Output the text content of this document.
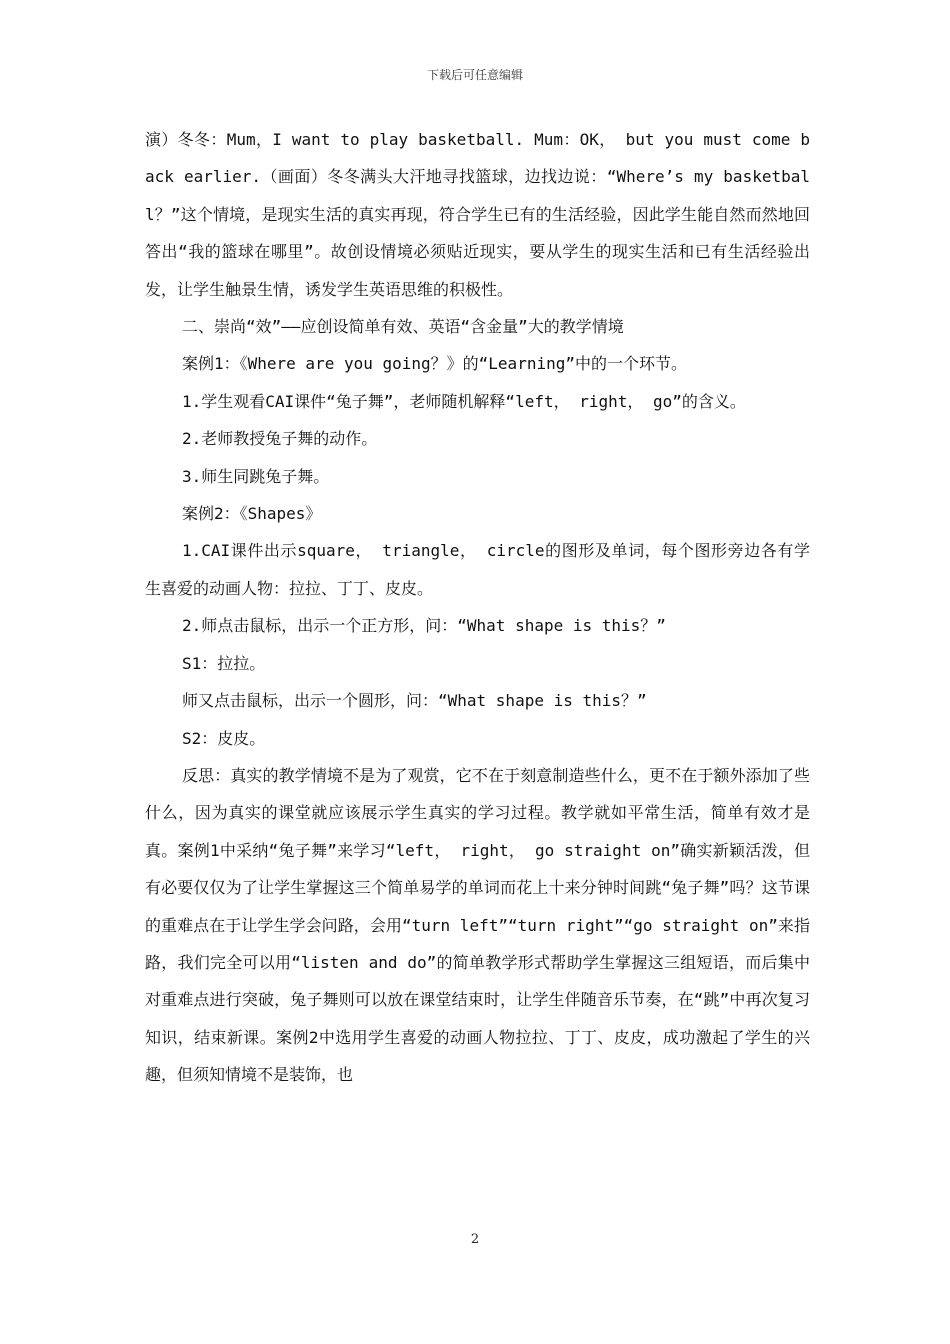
下载后可任意编辑

演）冬冬：Mum，I want to play basketball. Mum：OK， but you must come back earlier.（画面）冬冬满头大汗地寻找篮球，边找边说：“Where’s my basketball？”这个情境，是现实生活的真实再现，符合学生已有的生活经验，因此学生能自然而然地回答出“我的篮球在哪里”。故创设情境必须贴近现实，要从学生的现实生活和已有生活经验出发，让学生触景生情，诱发学生英语思维的积极性。

二、崇尚“效”——应创设简单有效、英语“含金量”大的教学情境

案例1：《Where are you going？》的“Learning”中的一个环节。

1.学生观看CAI课件“兔子舞”，老师随机解释“left， right， go”的含义。

2.老师教授兔子舞的动作。

3.师生同跳兔子舞。

案例2：《Shapes》

1.CAI课件出示square， triangle， circle的图形及单词，每个图形旁边各有学生喜爱的动画人物：拉拉、丁丁、皮皮。

2.师点击鼠标，出示一个正方形，问：“What shape is this？”

S1：拉拉。

师又点击鼠标，出示一个圆形，问：“What shape is this？”

S2：皮皮。

反思：真实的教学情境不是为了观赏，它不在于刻意制造些什么，更不在于额外添加了些什么，因为真实的课堂就应该展示学生真实的学习过程。教学就如平常生活，简单有效才是真。案例1中采纳“兔子舞”来学习“left， right， go straight on”确实新颖活泼，但有必要仅仅为了让学生掌握这三个简单易学的单词而花上十来分钟时间跳“兔子舞”吗？这节课的重难点在于让学生学会问路，会用“turn left”“turn right”“go straight on”来指路，我们完全可以用“listen and do”的简单教学形式帮助学生掌握这三组短语，而后集中对重难点进行突破，兔子舞则可以放在课堂结束时，让学生伴随音乐节奏，在“跳”中再次复习知识，结束新课。案例2中选用学生喜爱的动画人物拉拉、丁丁、皮皮，成功激起了学生的兴趣，但须知情境不是装饰，也

2
